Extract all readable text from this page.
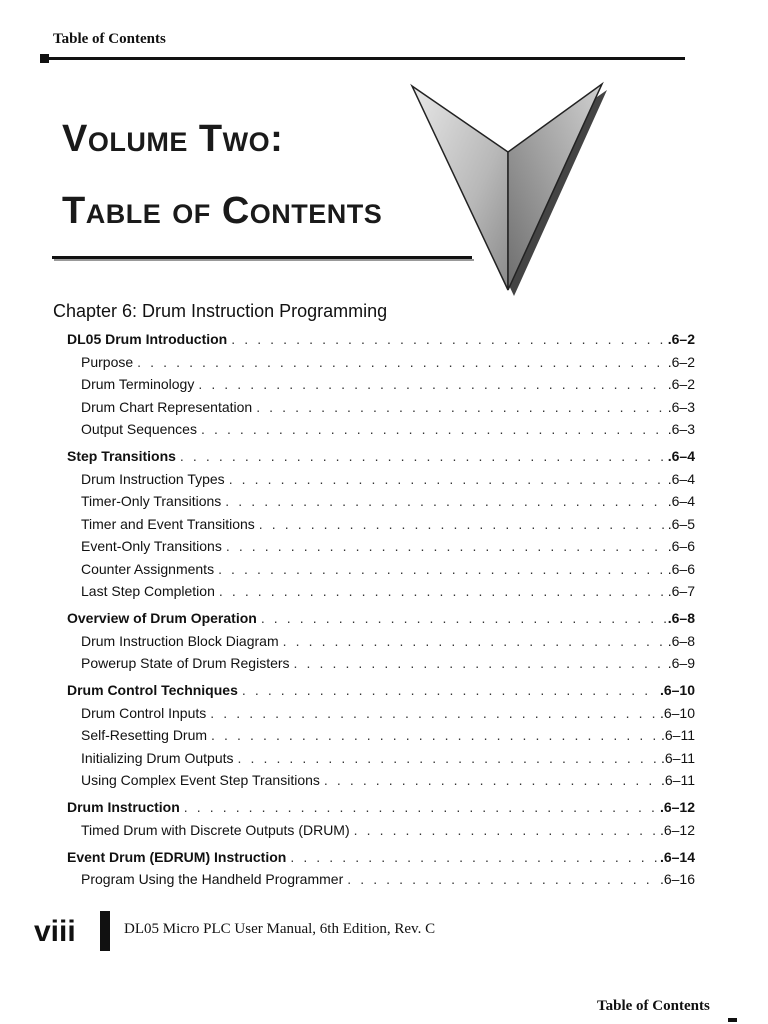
Table of Contents
Volume Two:
Table of Contents
Chapter 6: Drum Instruction Programming
DL05 Drum Introduction . . .	.6–2
Purpose . . .	.6–2
Drum Terminology . . .	.6–2
Drum Chart Representation . . .	.6–3
Output Sequences . . .	.6–3
Step Transitions . . .	.6–4
Drum Instruction Types . . .	.6–4
Timer-Only Transitions . . .	.6–4
Timer and Event Transitions . . .	.6–5
Event-Only Transitions . . .	.6–6
Counter Assignments . . .	.6–6
Last Step Completion . . .	.6–7
Overview of Drum Operation . . .	.6–8
Drum Instruction Block Diagram . . .	.6–8
Powerup State of Drum Registers . . .	.6–9
Drum Control Techniques . . .	.6–10
Drum Control Inputs . . .	.6–10
Self-Resetting Drum . . .	.6–11
Initializing Drum Outputs . . .	.6–11
Using Complex Event Step Transitions . . .	.6–11
Drum Instruction . . .	.6–12
Timed Drum with Discrete Outputs (DRUM) . . .	.6–12
Event Drum (EDRUM) Instruction . . .	.6–14
Program Using the Handheld Programmer . . .	.6–16
viii	DL05 Micro PLC User Manual, 6th Edition, Rev. C
Table of Contents
